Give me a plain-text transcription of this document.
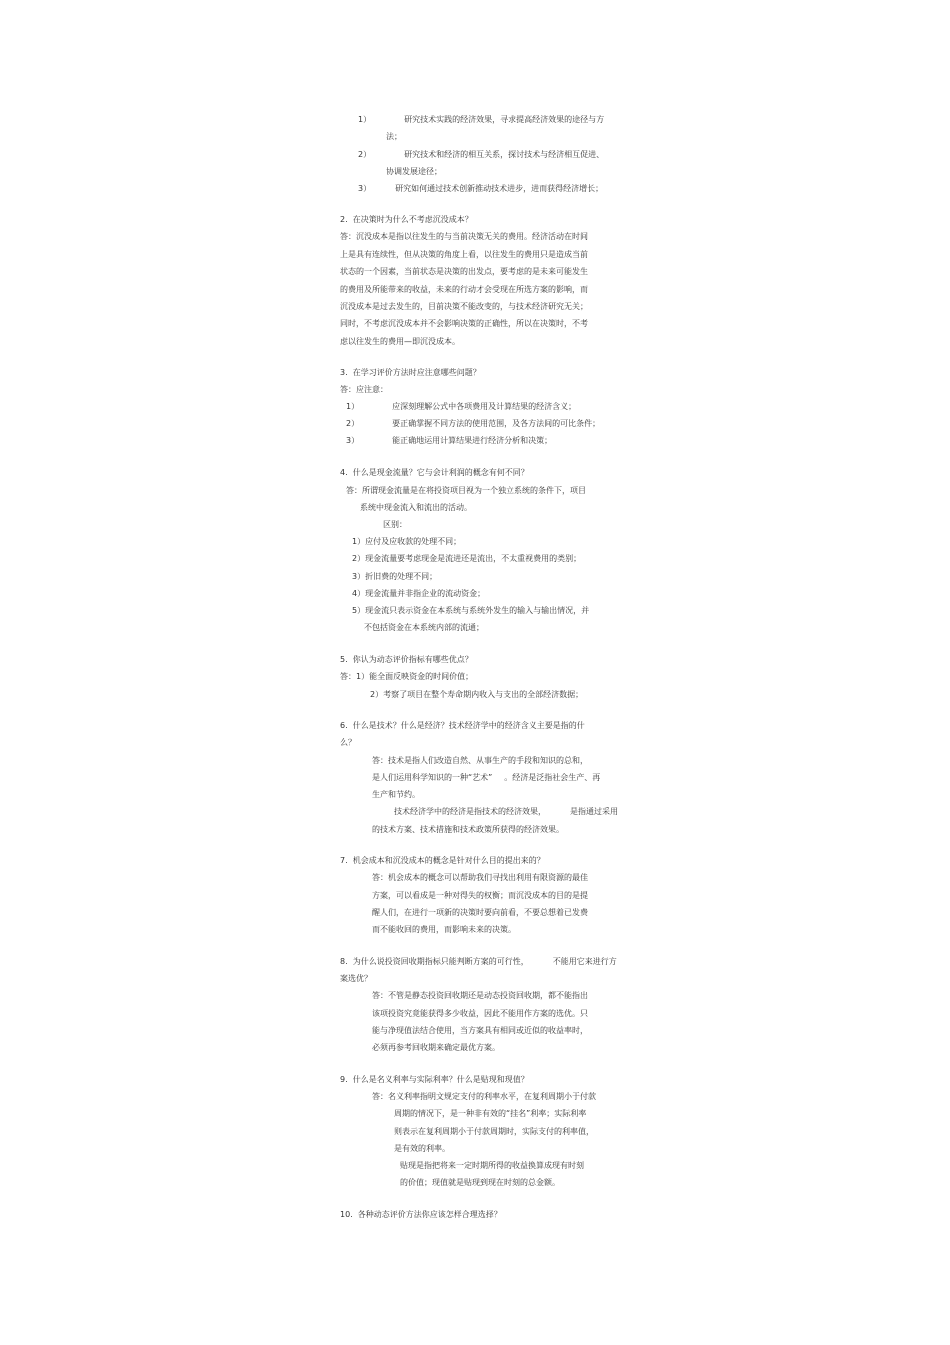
1）	研究技术实践的经济效果，寻求提高经济效果的途径与方
法；
2）	研究技术和经济的相互关系，探讨技术与经济相互促进、
协调发展途径；
3）	研究如何通过技术创新推动技术进步，进而获得经济增长；
2.  在决策时为什么不考虑沉没成本？
答：沉没成本是指以往发生的与当前决策无关的费用。经济活动在时间
上是具有连续性，但从决策的角度上看，以往发生的费用只是造成当前
状态的一个因素，当前状态是决策的出发点，要考虑的是未来可能发生
的费用及所能带来的收益，未来的行动才会受现在所选方案的影响，而
沉没成本是过去发生的，目前决策不能改变的，与技术经济研究无关；
同时，不考虑沉没成本并不会影响决策的正确性，所以在决策时，不考
虑以往发生的费用—即沉没成本。
3.  在学习评价方法时应注意哪些问题？
答：应注意：
1）	应深刻理解公式中各项费用及计算结果的经济含义；
2）	要正确掌握不同方法的使用范围，及各方法间的可比条件；
3）	能正确地运用计算结果进行经济分析和决策；
4.  什么是现金流量？它与会计利润的概念有何不同？
答：所谓现金流量是在将投资项目视为一个独立系统的条件下，项目
系统中现金流入和流出的活动。
区别：
1）应付及应收款的处理不同；
2）现金流量要考虑现金是流进还是流出，不太重视费用的类别；
3）折旧费的处理不同；
4）现金流量并非指企业的流动资金；
5）现金流只表示资金在本系统与系统外发生的输入与输出情况，并
不包括资金在本系统内部的流通；
5.  你认为动态评价指标有哪些优点？
答：1）能全面反映资金的时间价值；
2）考察了项目在整个寿命期内收入与支出的全部经济数据；
6.  什么是技术？什么是经济？技术经济学中的经济含义主要是指的什
么？
答：技术是指人们改造自然、从事生产的手段和知识的总和，
是人们运用科学知识的一种“艺术” 。经济是泛指社会生产、再
生产和节约。
技术经济学中的经济是指技术的经济效果，	是指通过采用
的技术方案、技术措施和技术政策所获得的经济效果。
7.  机会成本和沉没成本的概念是针对什么目的提出来的？
答：机会成本的概念可以帮助我们寻找出利用有限资源的最佳
方案，可以看成是一种对得失的权衡；而沉没成本的目的是提
醒人们，在进行一项新的决策时要向前看，不要总想着已发费
而不能收回的费用，而影响未来的决策。
8.  为什么说投资回收期指标只能判断方案的可行性，	不能用它来进行方
案选优？
答：不管是静态投资回收期还是动态投资回收期，都不能指出
该项投资究竟能获得多少收益，因此不能用作方案的选优。只
能与净现值法结合使用，当方案具有相同或近似的收益率时，
必须再参考回收期来确定最优方案。
9.  什么是名义利率与实际利率？什么是贴现和现值？
答：名义利率指明文规定支付的利率水平，在复利周期小于付款
周期的情况下，是一种非有效的“挂名”利率；实际利率
则表示在复利周期小于付款周期时，实际支付的利率值，
是有效的利率。
贴现是指把将来一定时期所得的收益换算成现有时刻
的价值；现值就是贴现到现在时刻的总金额。
10.  各种动态评价方法你应该怎样合理选择？
